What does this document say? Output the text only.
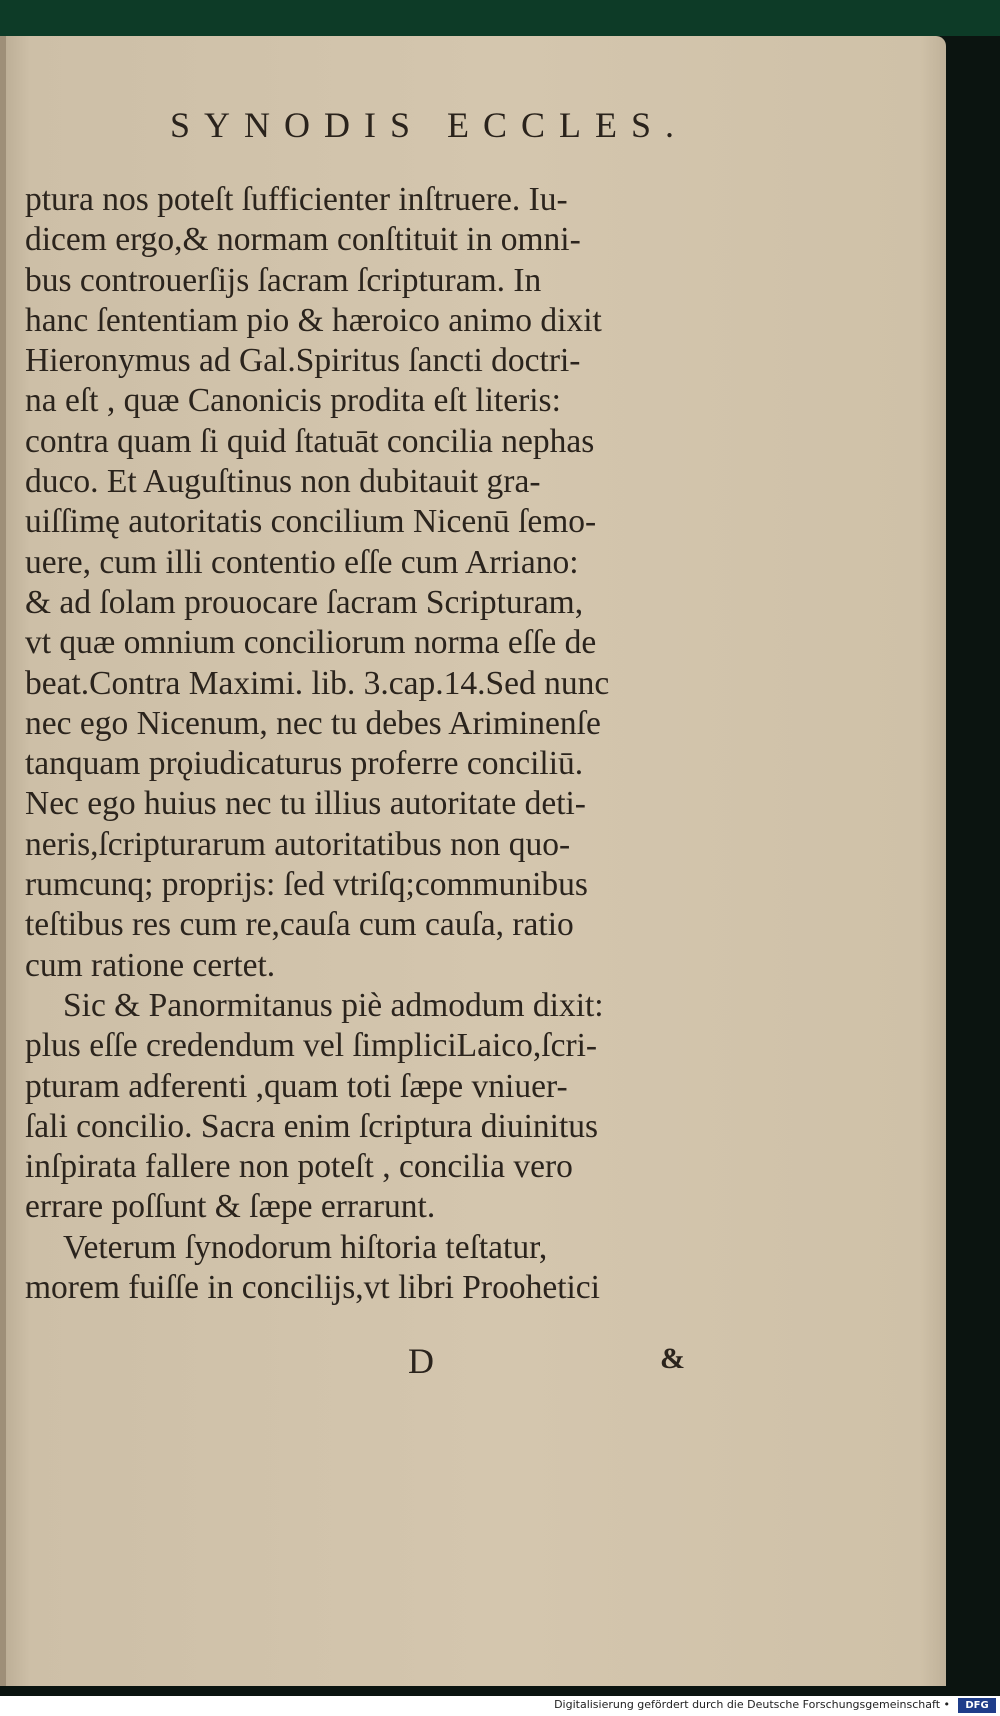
SYNODIS ECCLES.
ptura nos poteſt ſufficienter inſtruere. Iu-
dicem ergo,& normam conſtituit in omni-
bus controuerſijs ſacram ſcripturam. In
hanc ſententiam pio & hæroico animo dixit
Hieronymus ad Gal.Spiritus ſancti doctri-
na eſt , quæ Canonicis prodita eſt literis:
contra quam ſi quid ſtatuāt concilia nephas
duco. Et Auguſtinus non dubitauit gra-
uiſſimę autoritatis concilium Nicenū ſemo-
uere, cum illi contentio eſſe cum Arriano:
& ad ſolam prouocare ſacram Scripturam,
vt quæ omnium conciliorum norma eſſe de
beat.Contra Maximi. lib. 3.cap.14.Sed nunc
nec ego Nicenum, nec tu debes Ariminenſe
tanquam prǫiudicaturus proferre conciliū.
Nec ego huius nec tu illius autoritate deti-
neris,ſcripturarum autoritatibus non quo-
rumcunq; proprijs: ſed vtriſq;communibus
teſtibus res cum re,cauſa cum cauſa, ratio
cum ratione certet.
Sic & Panormitanus piè admodum dixit:
plus eſſe credendum vel ſimpliciLaico,ſcri-
pturam adferenti ,quam toti ſæpe vniuer-
ſali concilio. Sacra enim ſcriptura diuinitus
inſpirata fallere non poteſt , concilia vero
errare poſſunt & ſæpe errarunt.
Veterum ſynodorum hiſtoria teſtatur,
morem fuiſſe in concilijs,vt libri Proohetici
D	&
Digitalisierung gefördert durch die Deutsche Forschungsgemeinschaft •	DFG
